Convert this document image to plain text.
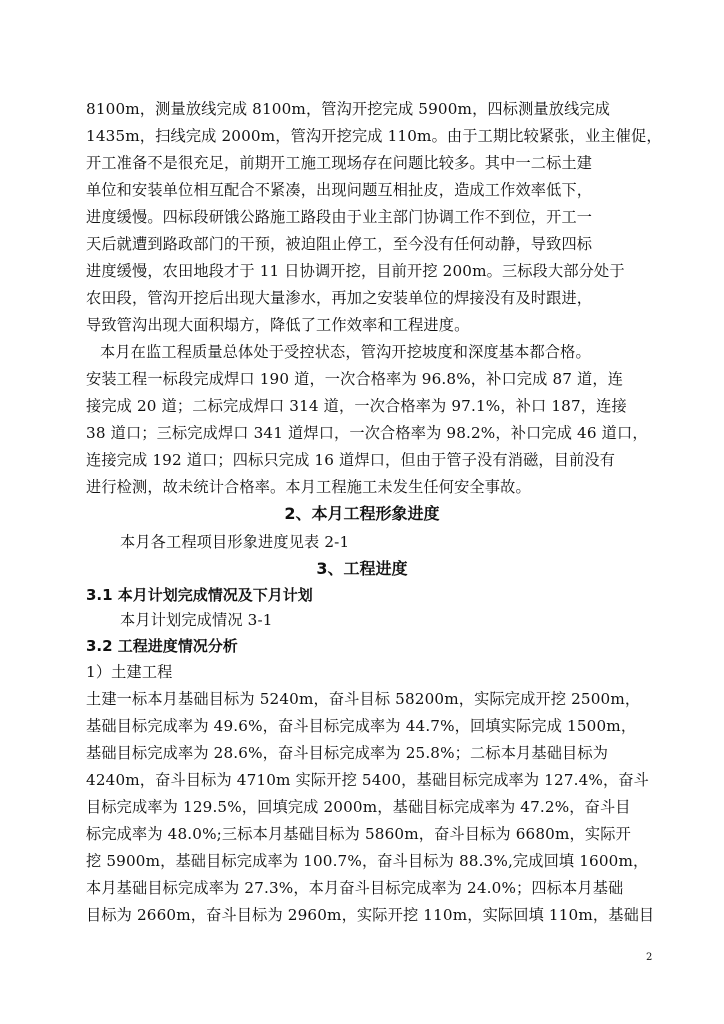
8100m，测量放线完成 8100m，管沟开挖完成 5900m，四标测量放线完成
1435m，扫线完成 2000m，管沟开挖完成 110m。由于工期比较紧张，业主催促，
开工准备不是很充足，前期开工施工现场存在问题比较多。其中一二标土建
单位和安装单位相互配合不紧凑，出现问题互相扯皮，造成工作效率低下，
进度缓慢。四标段研饿公路施工路段由于业主部门协调工作不到位，开工一
天后就遭到路政部门的干预，被迫阻止停工，至今没有任何动静，导致四标
进度缓慢，农田地段才于 11 日协调开挖，目前开挖 200m。三标段大部分处于
农田段，管沟开挖后出现大量渗水，再加之安装单位的焊接没有及时跟进，
导致管沟出现大面积塌方，降低了工作效率和工程进度。
本月在监工程质量总体处于受控状态，管沟开挖坡度和深度基本都合格。
安装工程一标段完成焊口 190 道，一次合格率为 96.8%，补口完成 87 道，连
接完成 20 道；二标完成焊口 314 道，一次合格率为 97.1%，补口 187，连接
38 道口；三标完成焊口 341 道焊口，一次合格率为 98.2%，补口完成 46 道口，
连接完成 192 道口；四标只完成 16 道焊口，但由于管子没有消磁，目前没有
进行检测，故未统计合格率。本月工程施工未发生任何安全事故。
2、本月工程形象进度
本月各工程项目形象进度见表 2-1
3、工程进度
3.1 本月计划完成情况及下月计划
本月计划完成情况 3-1
3.2 工程进度情况分析
1）土建工程
土建一标本月基础目标为 5240m，奋斗目标 58200m，实际完成开挖 2500m，
基础目标完成率为 49.6%，奋斗目标完成率为 44.7%，回填实际完成 1500m，
基础目标完成率为 28.6%，奋斗目标完成率为 25.8%；二标本月基础目标为
4240m，奋斗目标为 4710m 实际开挖 5400，基础目标完成率为 127.4%，奋斗
目标完成率为 129.5%，回填完成 2000m，基础目标完成率为 47.2%，奋斗目
标完成率为 48.0%;三标本月基础目标为 5860m，奋斗目标为 6680m，实际开
挖 5900m，基础目标完成率为 100.7%，奋斗目标为 88.3%,完成回填 1600m，
本月基础目标完成率为 27.3%，本月奋斗目标完成率为 24.0%；四标本月基础
目标为 2660m，奋斗目标为 2960m，实际开挖 110m，实际回填 110m，基础目
2
